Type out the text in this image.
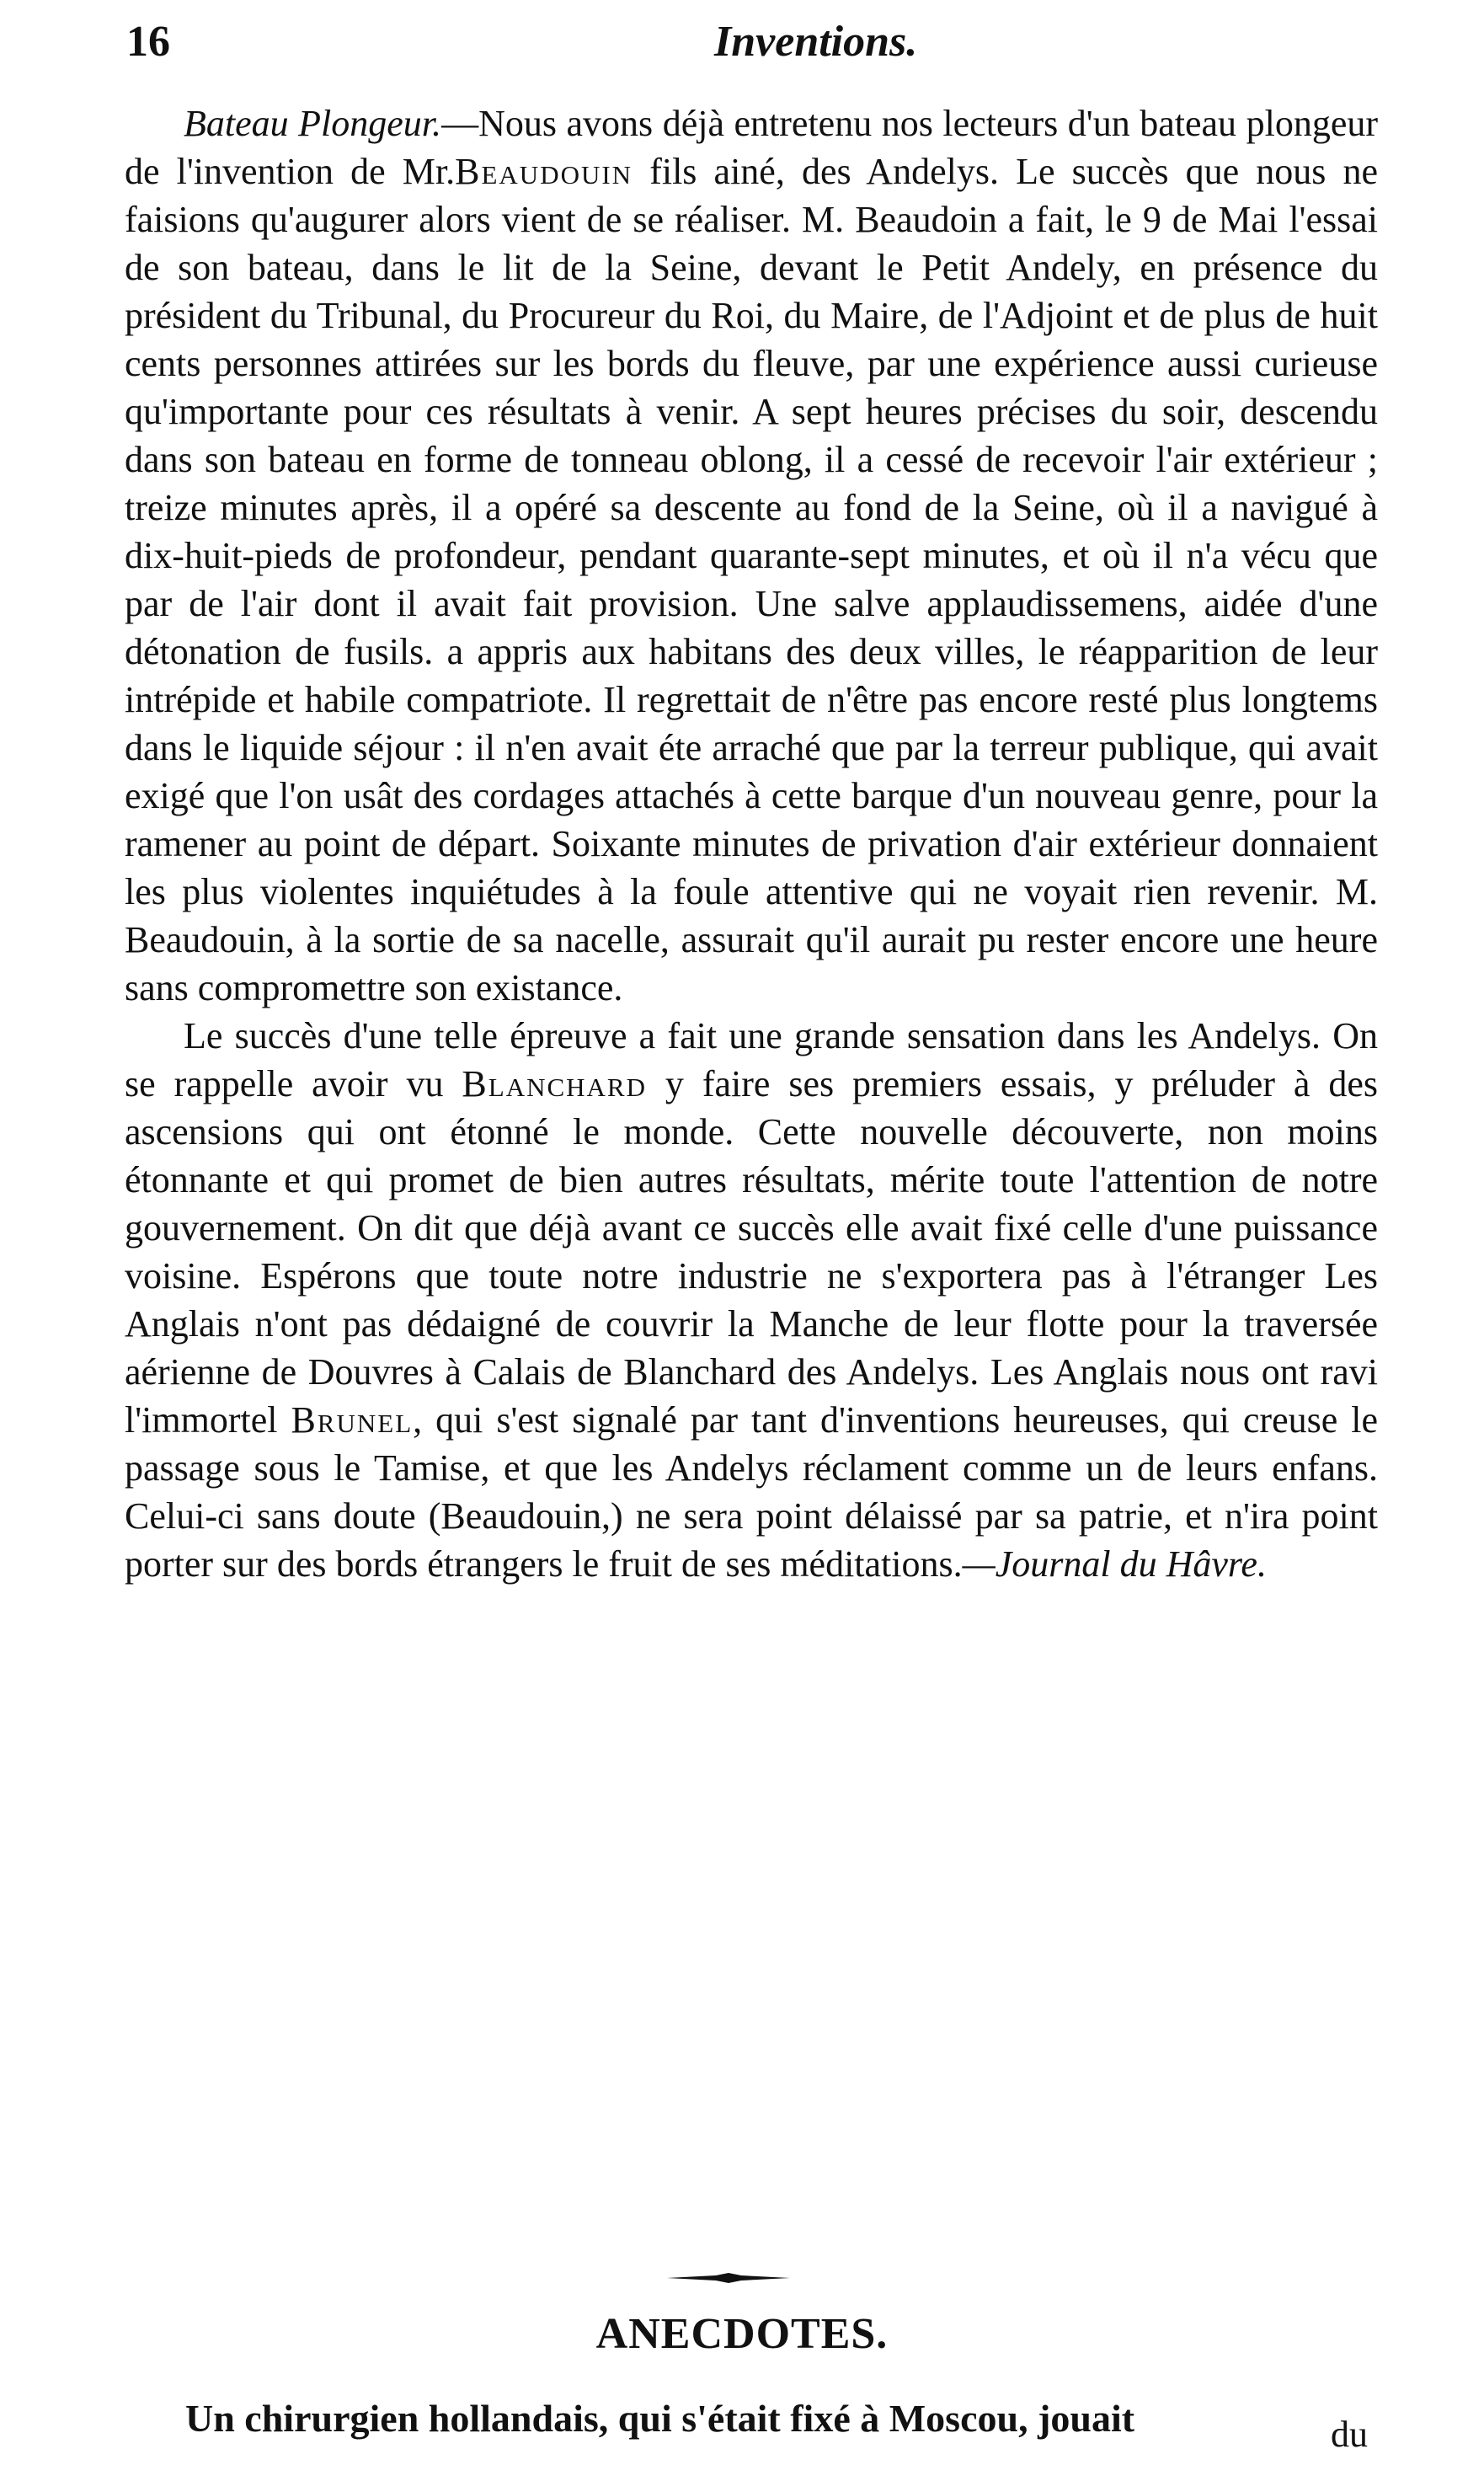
16	Inventions.

Bateau Plongeur.—Nous avons déjà entretenu nos lecteurs d'un bateau plongeur de l'invention de Mr.Beaudouin fils ainé, des Andelys. Le succès que nous ne faisions qu'augurer alors vient de se réaliser. M. Beaudoin a fait, le 9 de Mai l'essai de son bateau, dans le lit de la Seine, devant le Petit Andely, en présence du président du Tribunal, du Procureur du Roi, du Maire, de l'Adjoint et de plus de huit cents personnes attirées sur les bords du fleuve, par une expérience aussi curieuse qu'importante pour ces résultats à venir. A sept heures précises du soir, descendu dans son bateau en forme de tonneau oblong, il a cessé de recevoir l'air extérieur ; treize minutes après, il a opéré sa descente au fond de la Seine, où il a navigué à dix-huit-pieds de profondeur, pendant quarante-sept minutes, et où il n'a vécu que par de l'air dont il avait fait provision. Une salve applaudissemens, aidée d'une détonation de fusils. a appris aux habitans des deux villes, le réapparition de leur intrépide et habile compatriote. Il regrettait de n'être pas encore resté plus longtems dans le liquide séjour : il n'en avait éte arraché que par la terreur publique, qui avait exigé que l'on usât des cordages attachés à cette barque d'un nouveau genre, pour la ramener au point de départ. Soixante minutes de privation d'air extérieur donnaient les plus violentes inquiétudes à la foule attentive qui ne voyait rien revenir. M. Beaudouin, à la sortie de sa nacelle, assurait qu'il aurait pu rester encore une heure sans compromettre son existance.

Le succès d'une telle épreuve a fait une grande sensation dans les Andelys. On se rappelle avoir vu Blanchard y faire ses premiers essais, y préluder à des ascensions qui ont étonné le monde. Cette nouvelle découverte, non moins étonnante et qui promet de bien autres résultats, mérite toute l'attention de notre gouvernement. On dit que déjà avant ce succès elle avait fixé celle d'une puissance voisine. Espérons que toute notre industrie ne s'exportera pas à l'étranger Les Anglais n'ont pas dédaigné de couvrir la Manche de leur flotte pour la traversée aérienne de Douvres à Calais de Blanchard des Andelys. Les Anglais nous ont ravi l'immortel Brunel, qui s'est signalé par tant d'inventions heureuses, qui creuse le passage sous le Tamise, et que les Andelys réclament comme un de leurs enfans. Celui-ci sans doute (Beaudouin,) ne sera point délaissé par sa patrie, et n'ira point porter sur des bords étrangers le fruit de ses méditations.—Journal du Hâvre.

ANECDOTES.
Un chirurgien hollandais, qui s'était fixé à Moscou, jouait	du
